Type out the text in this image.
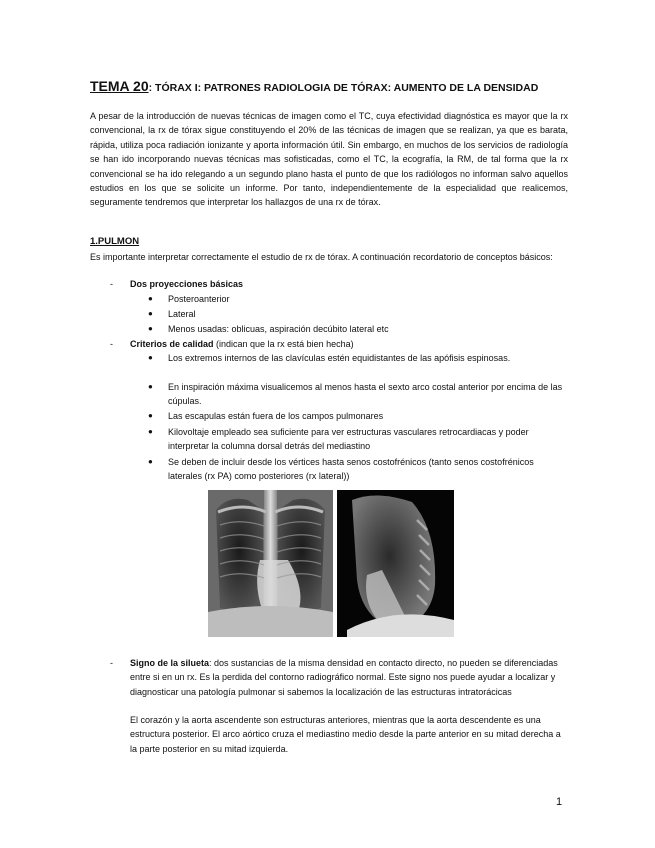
TEMA 20: TÓRAX I: PATRONES RADIOLOGIA DE TÓRAX: AUMENTO DE LA DENSIDAD
A pesar de la introducción de nuevas técnicas de imagen como el TC, cuya efectividad diagnóstica es mayor que la rx convencional, la rx de tórax sigue constituyendo el 20% de las técnicas de imagen que se realizan, ya que es barata, rápida, utiliza poca radiación ionizante y aporta información útil. Sin embargo, en muchos de los servicios de radiología se han ido incorporando nuevas técnicas mas sofisticadas, como el TC, la ecografía, la RM, de tal forma que la rx convencional se ha ido relegando a un segundo plano hasta el punto de que los radiólogos no informan salvo aquellos estudios en los que se solicite un informe. Por tanto, independientemente de la especialidad que realicemos, seguramente tendremos que interpretar los hallazgos de una rx de tórax.
1.PULMON
Es importante interpretar correctamente el estudio de rx de tórax. A continuación recordatorio de conceptos básicos:
- Dos proyecciones básicas
● Posteroanterior
● Lateral
● Menos usadas: oblicuas, aspiración decúbito lateral etc
- Criterios de calidad (indican que la rx está bien hecha)
● Los extremos internos de las clavículas estén equidistantes de las apófisis espinosas.
● En inspiración máxima visualicemos al menos hasta el sexto arco costal anterior por encima de las cúpulas.
● Las escapulas están fuera de los campos pulmonares
● Kilovoltaje empleado sea suficiente para ver estructuras vasculares retrocardiacas y poder interpretar la columna dorsal detrás del mediastino
● Se deben de incluir desde los vértices hasta senos costofrénicos (tanto senos costofrénicos laterales (rx PA) como posteriores (rx lateral))
- Signo de la silueta: dos sustancias de la misma densidad en contacto directo, no pueden se diferenciadas entre si en un rx. Es la perdida del contorno radiográfico normal. Este signo nos puede ayudar a localizar y diagnosticar una patología pulmonar si sabemos la localización de las estructuras intratorácicas
El corazón y la aorta ascendente son estructuras anteriores, mientras que la aorta descendente es una estructura posterior. El arco aórtico cruza el mediastino medio desde la parte anterior en su mitad derecha a la parte posterior en su mitad izquierda.
1
